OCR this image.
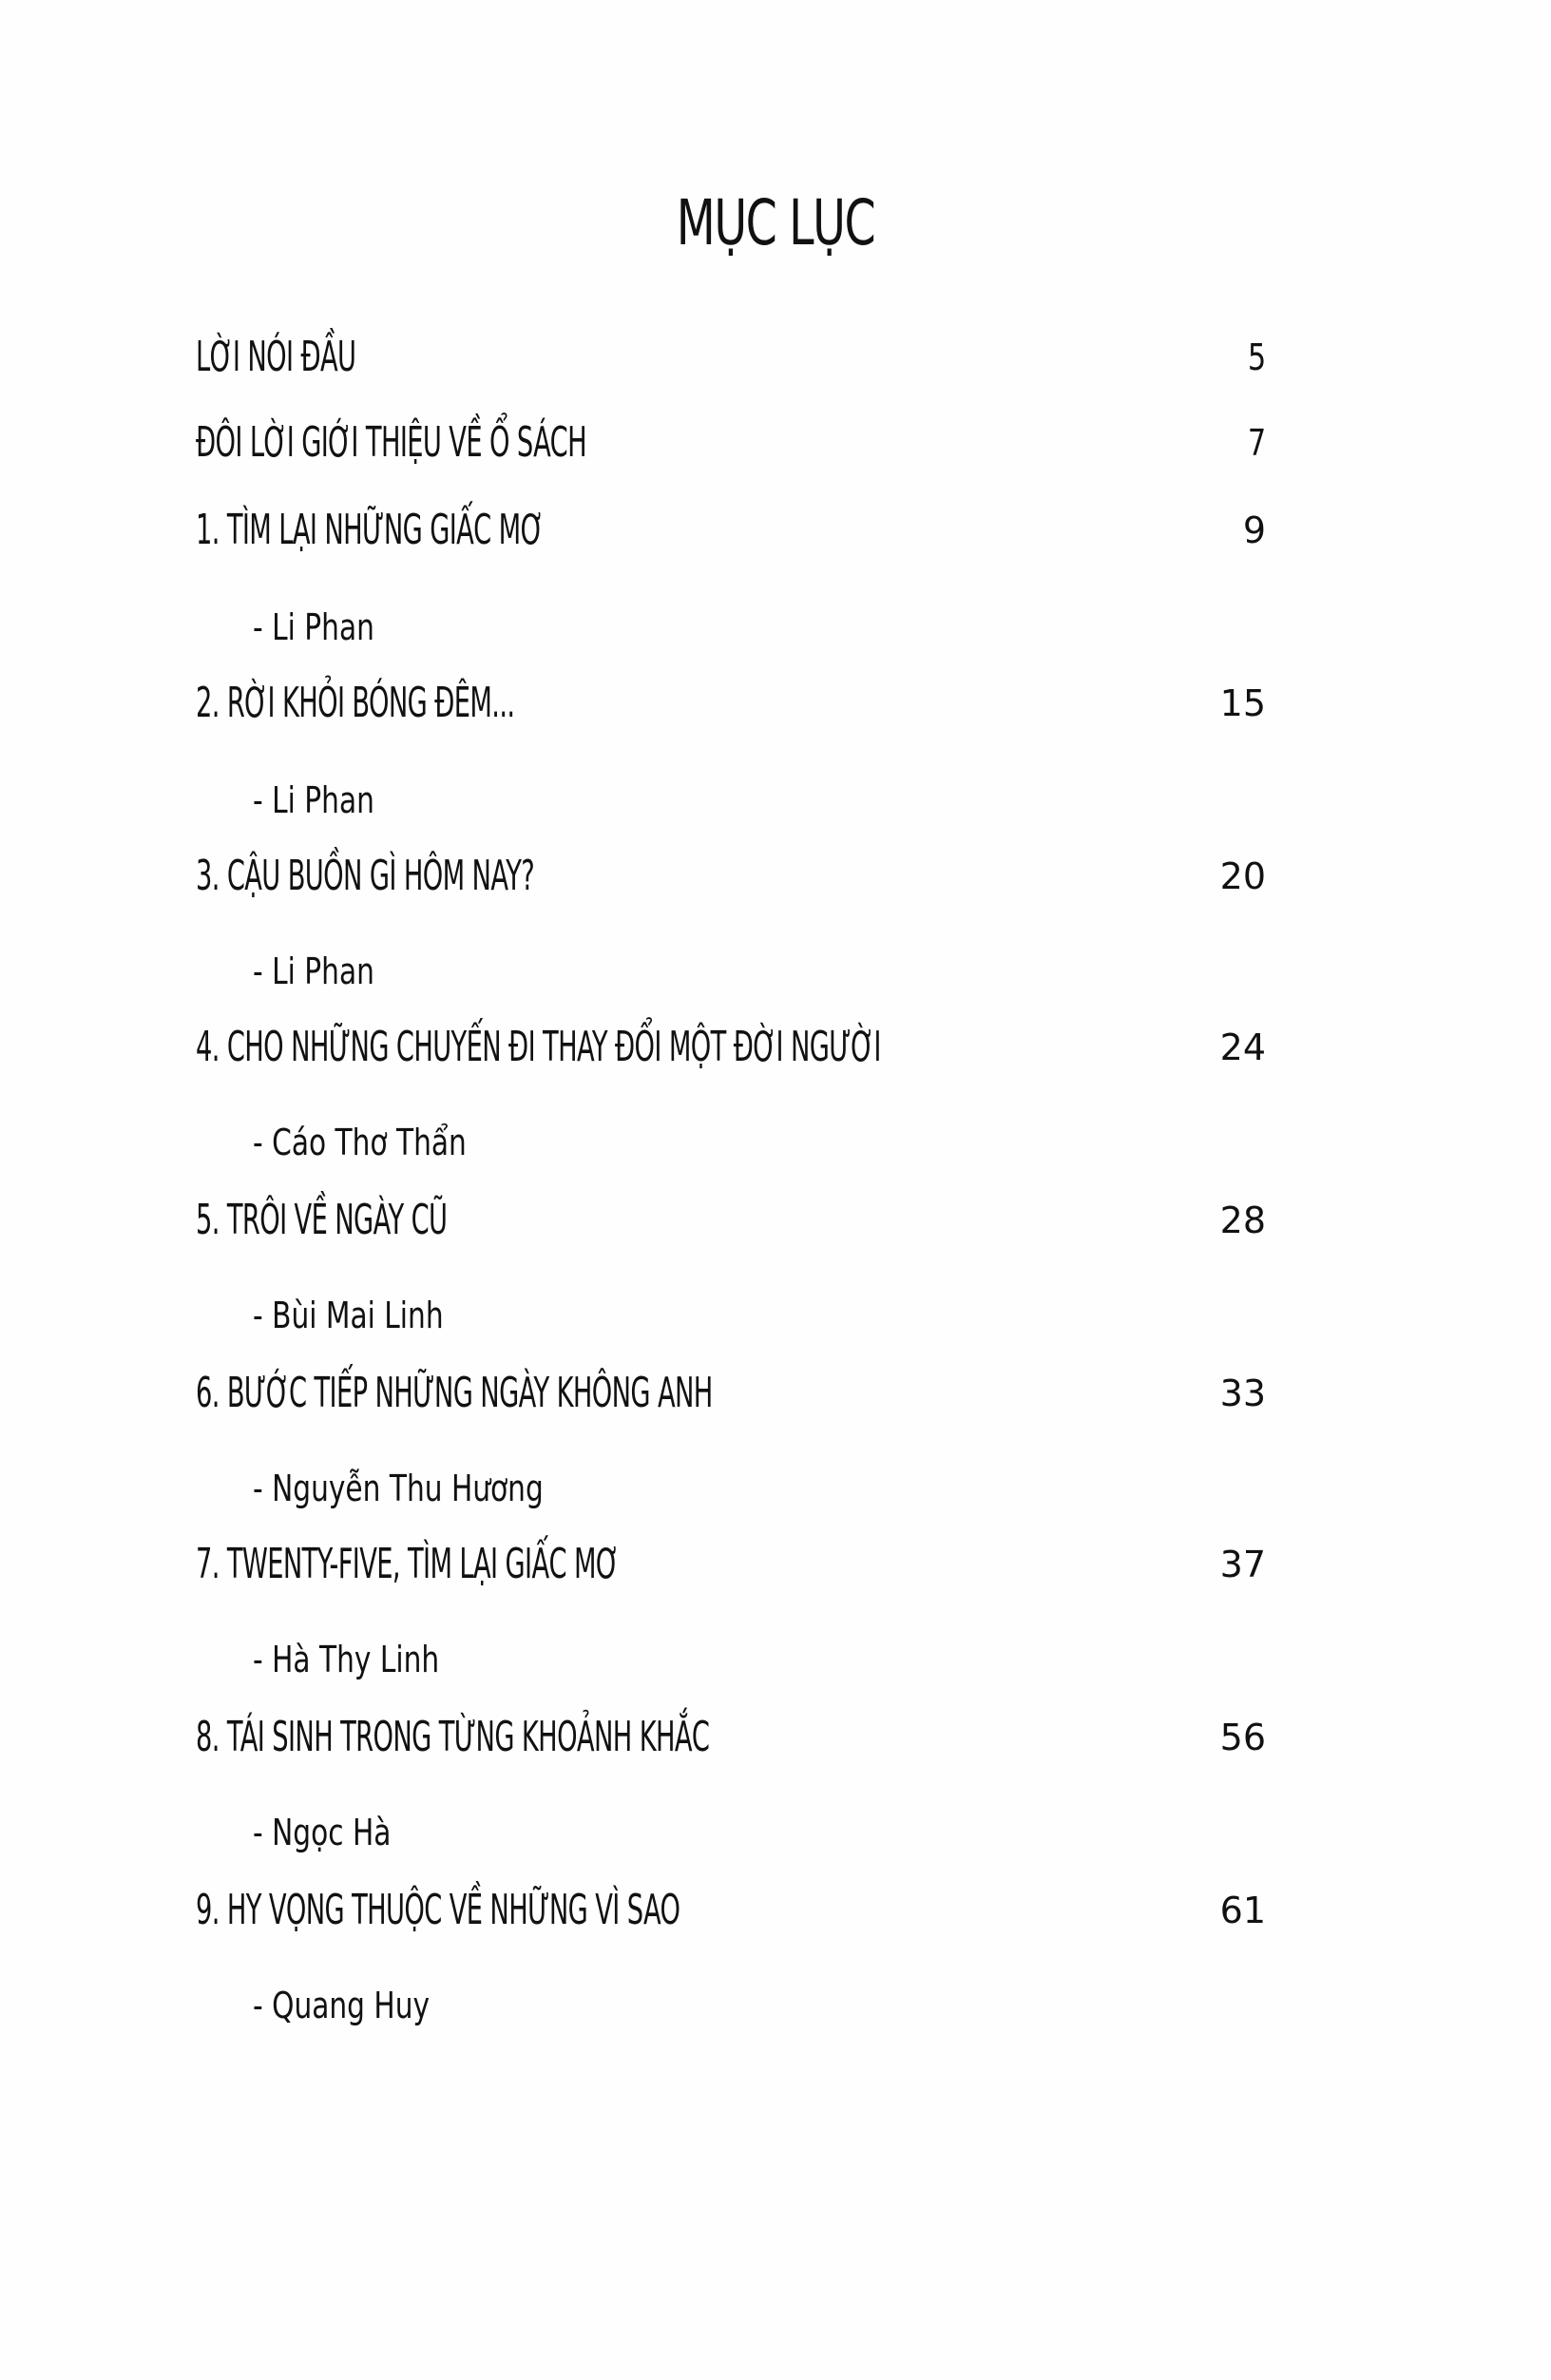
MỤC LỤC
LỜI NÓI ĐẦU	5
ĐÔI LỜI GIỚI THIỆU VỀ Ổ SÁCH	7
1. TÌM LẠI NHỮNG GIẤC MƠ	9
- Li Phan
2. RỜI KHỎI BÓNG ĐÊM...	15
- Li Phan
3. CẬU BUỒN GÌ HÔM NAY?	20
- Li Phan
4. CHO NHỮNG CHUYẾN ĐI THAY ĐỔI MỘT ĐỜI NGƯỜI	24
- Cáo Thơ Thẩn
5. TRÔI VỀ NGÀY CŨ	28
- Bùi Mai Linh
6. BƯỚC TIẾP NHỮNG NGÀY KHÔNG ANH	33
- Nguyễn Thu Hương
7. TWENTY-FIVE, TÌM LẠI GIẤC MƠ	37
- Hà Thy Linh
8. TÁI SINH TRONG TỪNG KHOẢNH KHẮC	56
- Ngọc Hà
9. HY VỌNG THUỘC VỀ NHỮNG VÌ SAO	61
- Quang Huy
